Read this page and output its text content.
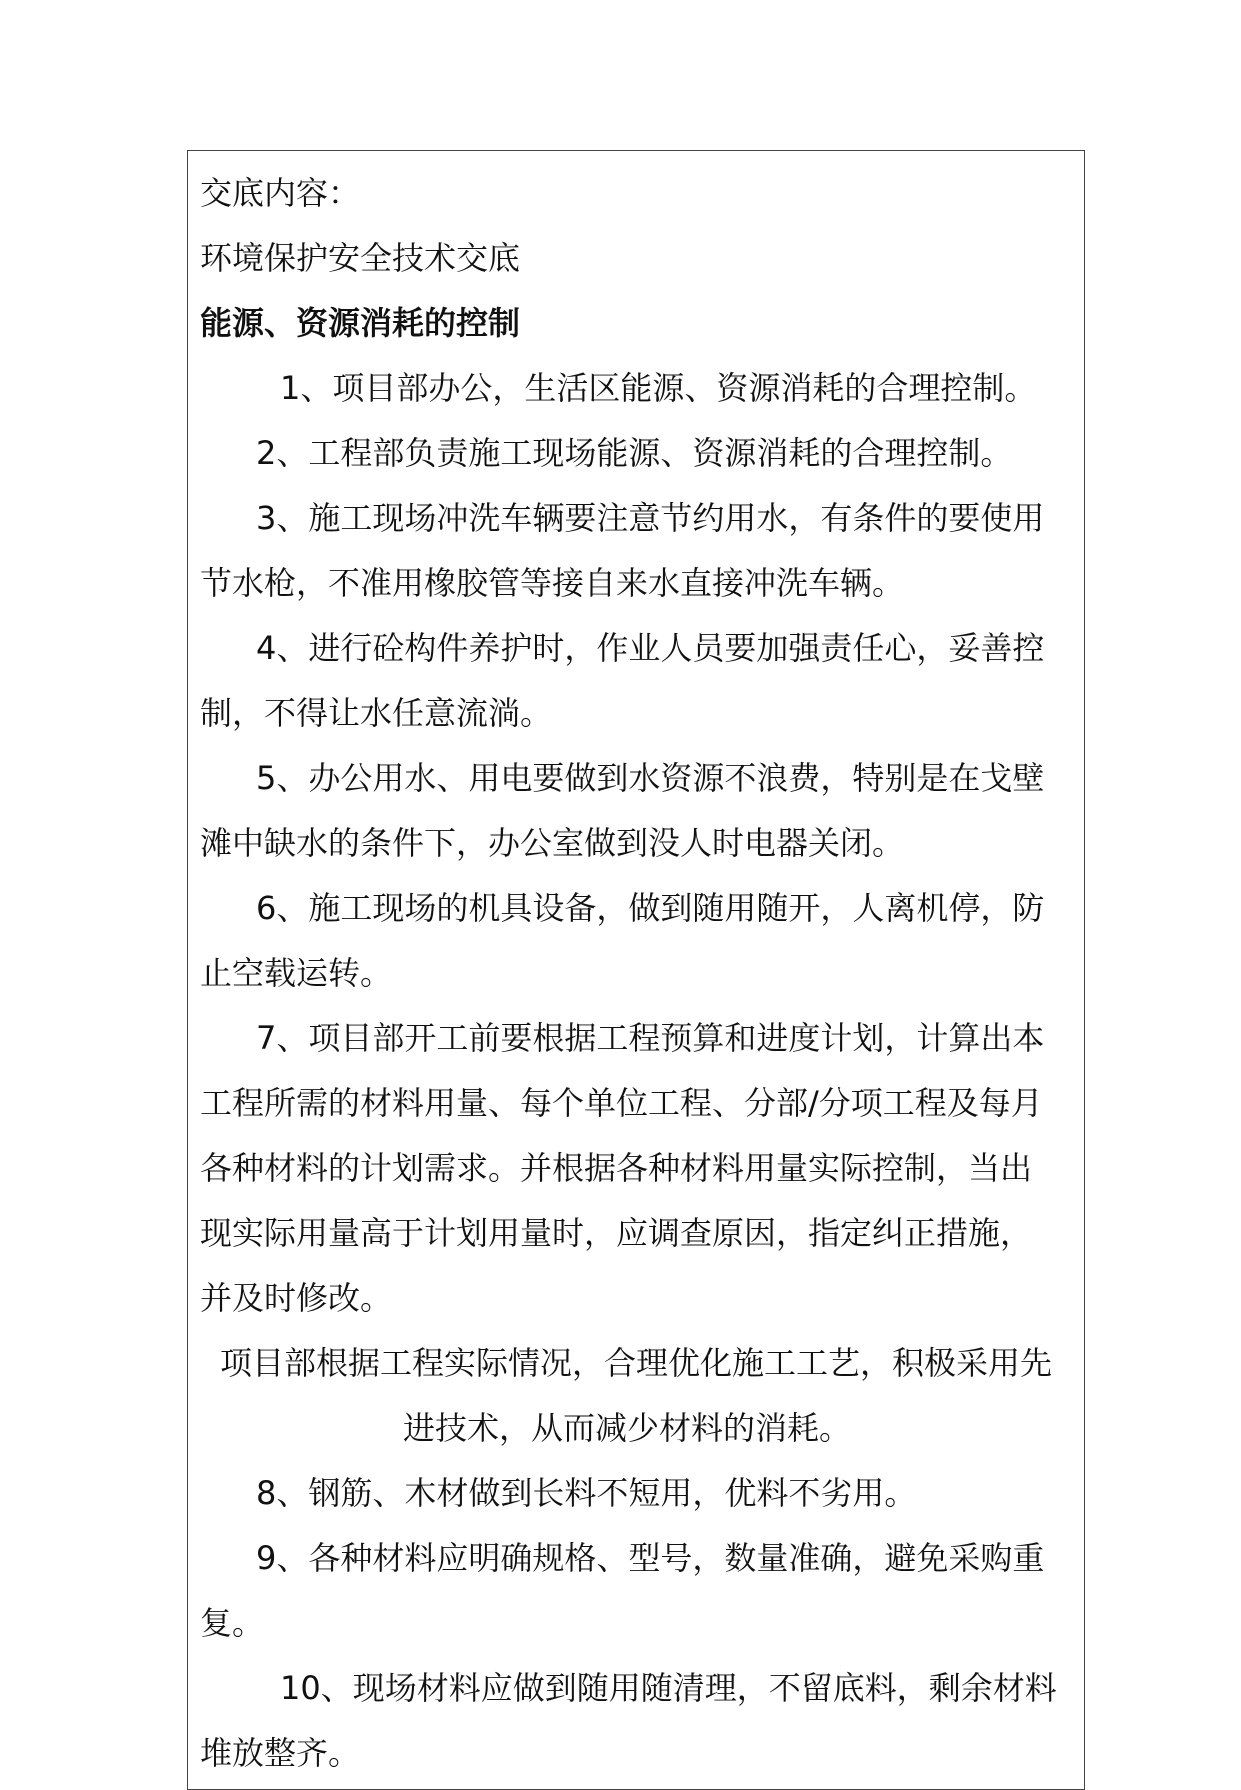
交底内容：
环境保护安全技术交底
能源、资源消耗的控制
1、项目部办公，生活区能源、资源消耗的合理控制。
2、工程部负责施工现场能源、资源消耗的合理控制。
3、施工现场冲洗车辆要注意节约用水，有条件的要使用
节水枪，不准用橡胶管等接自来水直接冲洗车辆。
4、进行砼构件养护时，作业人员要加强责任心，妥善控
制，不得让水任意流淌。
5、办公用水、用电要做到水资源不浪费，特别是在戈壁
滩中缺水的条件下，办公室做到没人时电器关闭。
6、施工现场的机具设备，做到随用随开，人离机停，防
止空载运转。
7、项目部开工前要根据工程预算和进度计划，计算出本
工程所需的材料用量、每个单位工程、分部/分项工程及每月
各种材料的计划需求。并根据各种材料用量实际控制，当出
现实际用量高于计划用量时，应调查原因，指定纠正措施，
并及时修改。
项目部根据工程实际情况，合理优化施工工艺，积极采用先
进技术，从而减少材料的消耗。
8、钢筋、木材做到长料不短用，优料不劣用。
9、各种材料应明确规格、型号，数量准确，避免采购重
复。
10、现场材料应做到随用随清理，不留底料，剩余材料
堆放整齐。
